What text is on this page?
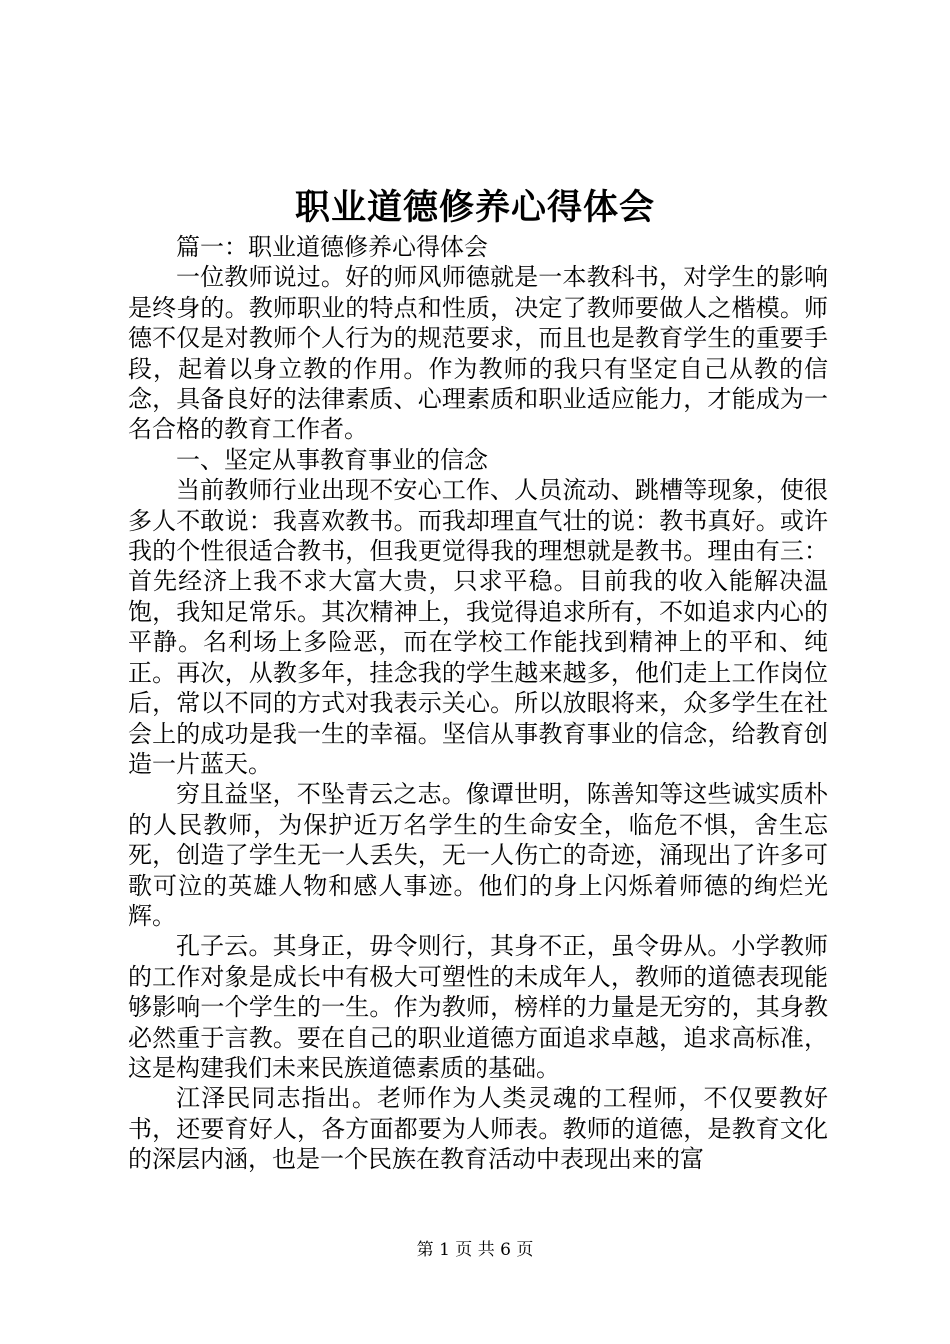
职业道德修养心得体会

篇一：职业道德修养心得体会

一位教师说过。好的师风师德就是一本教科书，对学生的影响是终身的。教师职业的特点和性质，决定了教师要做人之楷模。师德不仅是对教师个人行为的规范要求，而且也是教育学生的重要手段，起着以身立教的作用。作为教师的我只有坚定自己从教的信念，具备良好的法律素质、心理素质和职业适应能力，才能成为一名合格的教育工作者。

一、坚定从事教育事业的信念

当前教师行业出现不安心工作、人员流动、跳槽等现象，使很多人不敢说：我喜欢教书。而我却理直气壮的说：教书真好。或许我的个性很适合教书，但我更觉得我的理想就是教书。理由有三：首先经济上我不求大富大贵，只求平稳。目前我的收入能解决温饱，我知足常乐。其次精神上，我觉得追求所有，不如追求内心的平静。名利场上多险恶，而在学校工作能找到精神上的平和、纯正。再次，从教多年，挂念我的学生越来越多，他们走上工作岗位后，常以不同的方式对我表示关心。所以放眼将来，众多学生在社会上的成功是我一生的幸福。坚信从事教育事业的信念，给教育创造一片蓝天。

穷且益坚，不坠青云之志。像谭世明，陈善知等这些诚实质朴的人民教师，为保护近万名学生的生命安全，临危不惧，舍生忘死，创造了学生无一人丢失，无一人伤亡的奇迹，涌现出了许多可歌可泣的英雄人物和感人事迹。他们的身上闪烁着师德的绚烂光辉。

孔子云。其身正，毋令则行，其身不正，虽令毋从。小学教师的工作对象是成长中有极大可塑性的未成年人，教师的道德表现能够影响一个学生的一生。作为教师，榜样的力量是无穷的，其身教必然重于言教。要在自己的职业道德方面追求卓越，追求高标准，这是构建我们未来民族道德素质的基础。

江泽民同志指出。老师作为人类灵魂的工程师，不仅要教好书，还要育好人，各方面都要为人师表。教师的道德，是教育文化的深层内涵，也是一个民族在教育活动中表现出来的富

第 1 页 共 6 页
